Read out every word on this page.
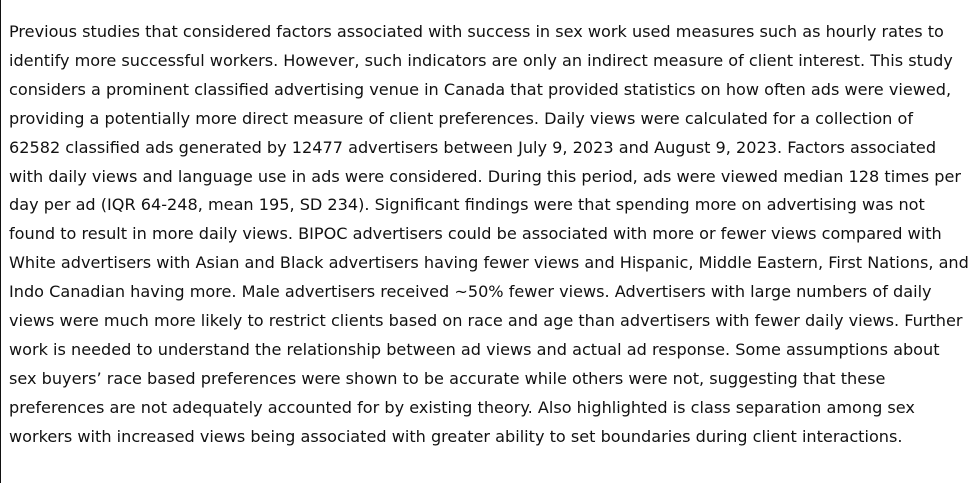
Previous studies that considered factors associated with success in sex work used measures such as hourly rates to
identify more successful workers. However, such indicators are only an indirect measure of client interest. This study
considers a prominent classified advertising venue in Canada that provided statistics on how often ads were viewed,
providing a potentially more direct measure of client preferences. Daily views were calculated for a collection of
62582 classified ads generated by 12477 advertisers between July 9, 2023 and August 9, 2023. Factors associated
with daily views and language use in ads were considered. During this period, ads were viewed median 128 times per
day per ad (IQR 64-248, mean 195, SD 234). Significant findings were that spending more on advertising was not
found to result in more daily views. BIPOC advertisers could be associated with more or fewer views compared with
White advertisers with Asian and Black advertisers having fewer views and Hispanic, Middle Eastern, First Nations, and
Indo Canadian having more. Male advertisers received ~50% fewer views. Advertisers with large numbers of daily
views were much more likely to restrict clients based on race and age than advertisers with fewer daily views. Further
work is needed to understand the relationship between ad views and actual ad response. Some assumptions about
sex buyers’ race based preferences were shown to be accurate while others were not, suggesting that these
preferences are not adequately accounted for by existing theory. Also highlighted is class separation among sex
workers with increased views being associated with greater ability to set boundaries during client interactions.
